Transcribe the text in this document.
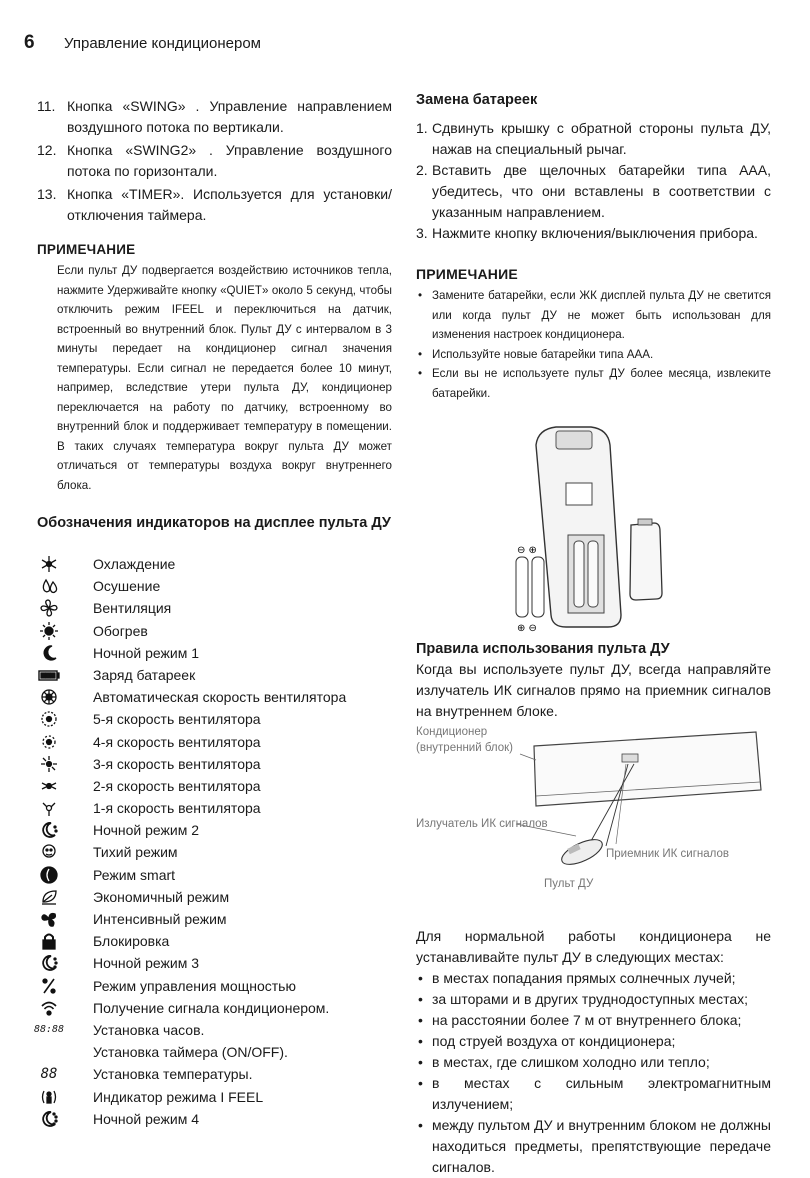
6 Управление кондиционером
11. Кнопка «SWING» . Управление направлением воздушного потока по вертикали.
12. Кнопка «SWING2» . Управление воздушного потока по горизонтали.
13. Кнопка «TIMER». Используется для установки/ отключения таймера.
ПРИМЕЧАНИЕ

Если пульт ДУ подвергается воздействию источников тепла, нажмите Удерживайте кнопку «QUIET» около 5 секунд, чтобы отключить режим IFEEL и переключиться на датчик, встроенный во внутренний блок. Пульт ДУ с интервалом в 3 минуты передает на кондиционер сигнал значения температуры. Если сигнал не передается более 10 минут, например, вследствие утери пульта ДУ, кондиционер переключается на работу по датчику, встроенному во внутренний блок и поддерживает температуру в помещении. В таких случаях температура вокруг пульта ДУ может отличаться от температуры воздуха вокруг внутреннего блока.

Обозначения индикаторов на дисплее пульта ДУ
Охлаждение
Осушение
Вентиляция
Обогрев
Ночной режим 1
Заряд батареек
Автоматическая скорость вентилятора
5-я скорость вентилятора
4-я скорость вентилятора
3-я скорость вентилятора
2-я скорость вентилятора
1-я скорость вентилятора
Ночной режим 2
Тихий режим
Режим smart
Экономичный режим
Интенсивный режим
Блокировка
Ночной режим 3
Режим управления мощностью
Получение сигнала кондиционером.
88:88 Установка часов.
Установка таймера (ON/OFF).
88	Установка температуры.
Индикатор режима I FEEL
Ночной режим 4
Замена батареек
1. Сдвинуть крышку с обратной стороны пульта ДУ, нажав на специальный рычаг.
2. Вставить две щелочных батарейки типа ААА, убедитесь, что они вставлены в соответствии с указанным направлением.
3. Нажмите кнопку включения/выключения прибора.
ПРИМЕЧАНИЕ
• Замените батарейки, если ЖК дисплей пульта ДУ не светится или когда пульт ДУ не может быть использован для изменения настроек кондиционера.
• Используйте новые батарейки типа AAA.
• Если вы не используете пульт ДУ более месяца, извлеките батарейки.
⊖ ⊕
⊕ ⊖
Правила использования пульта ДУ

Когда вы используете пульт ДУ, всегда направляйте излучатель ИК сигналов прямо на приемник сигналов на внутреннем блоке.

Кондиционер
(внутренний блок)
Излучатель ИК сигналов
Приемник ИК сигналов
Пульт ДУ

Для нормальной работы кондиционера не устанавливайте пульт ДУ в следующих местах:

• в местах попадания прямых солнечных лучей;
• за шторами и в других труднодоступных местах;
• на расстоянии более 7 м от внутреннего блока;
• под струей воздуха от кондиционера;
• в местах, где слишком холодно или тепло;
• в местах с сильным электромагнитным излучением;
• между пультом ДУ и внутренним блоком не должны находиться предметы, препятствующие передаче сигналов.
